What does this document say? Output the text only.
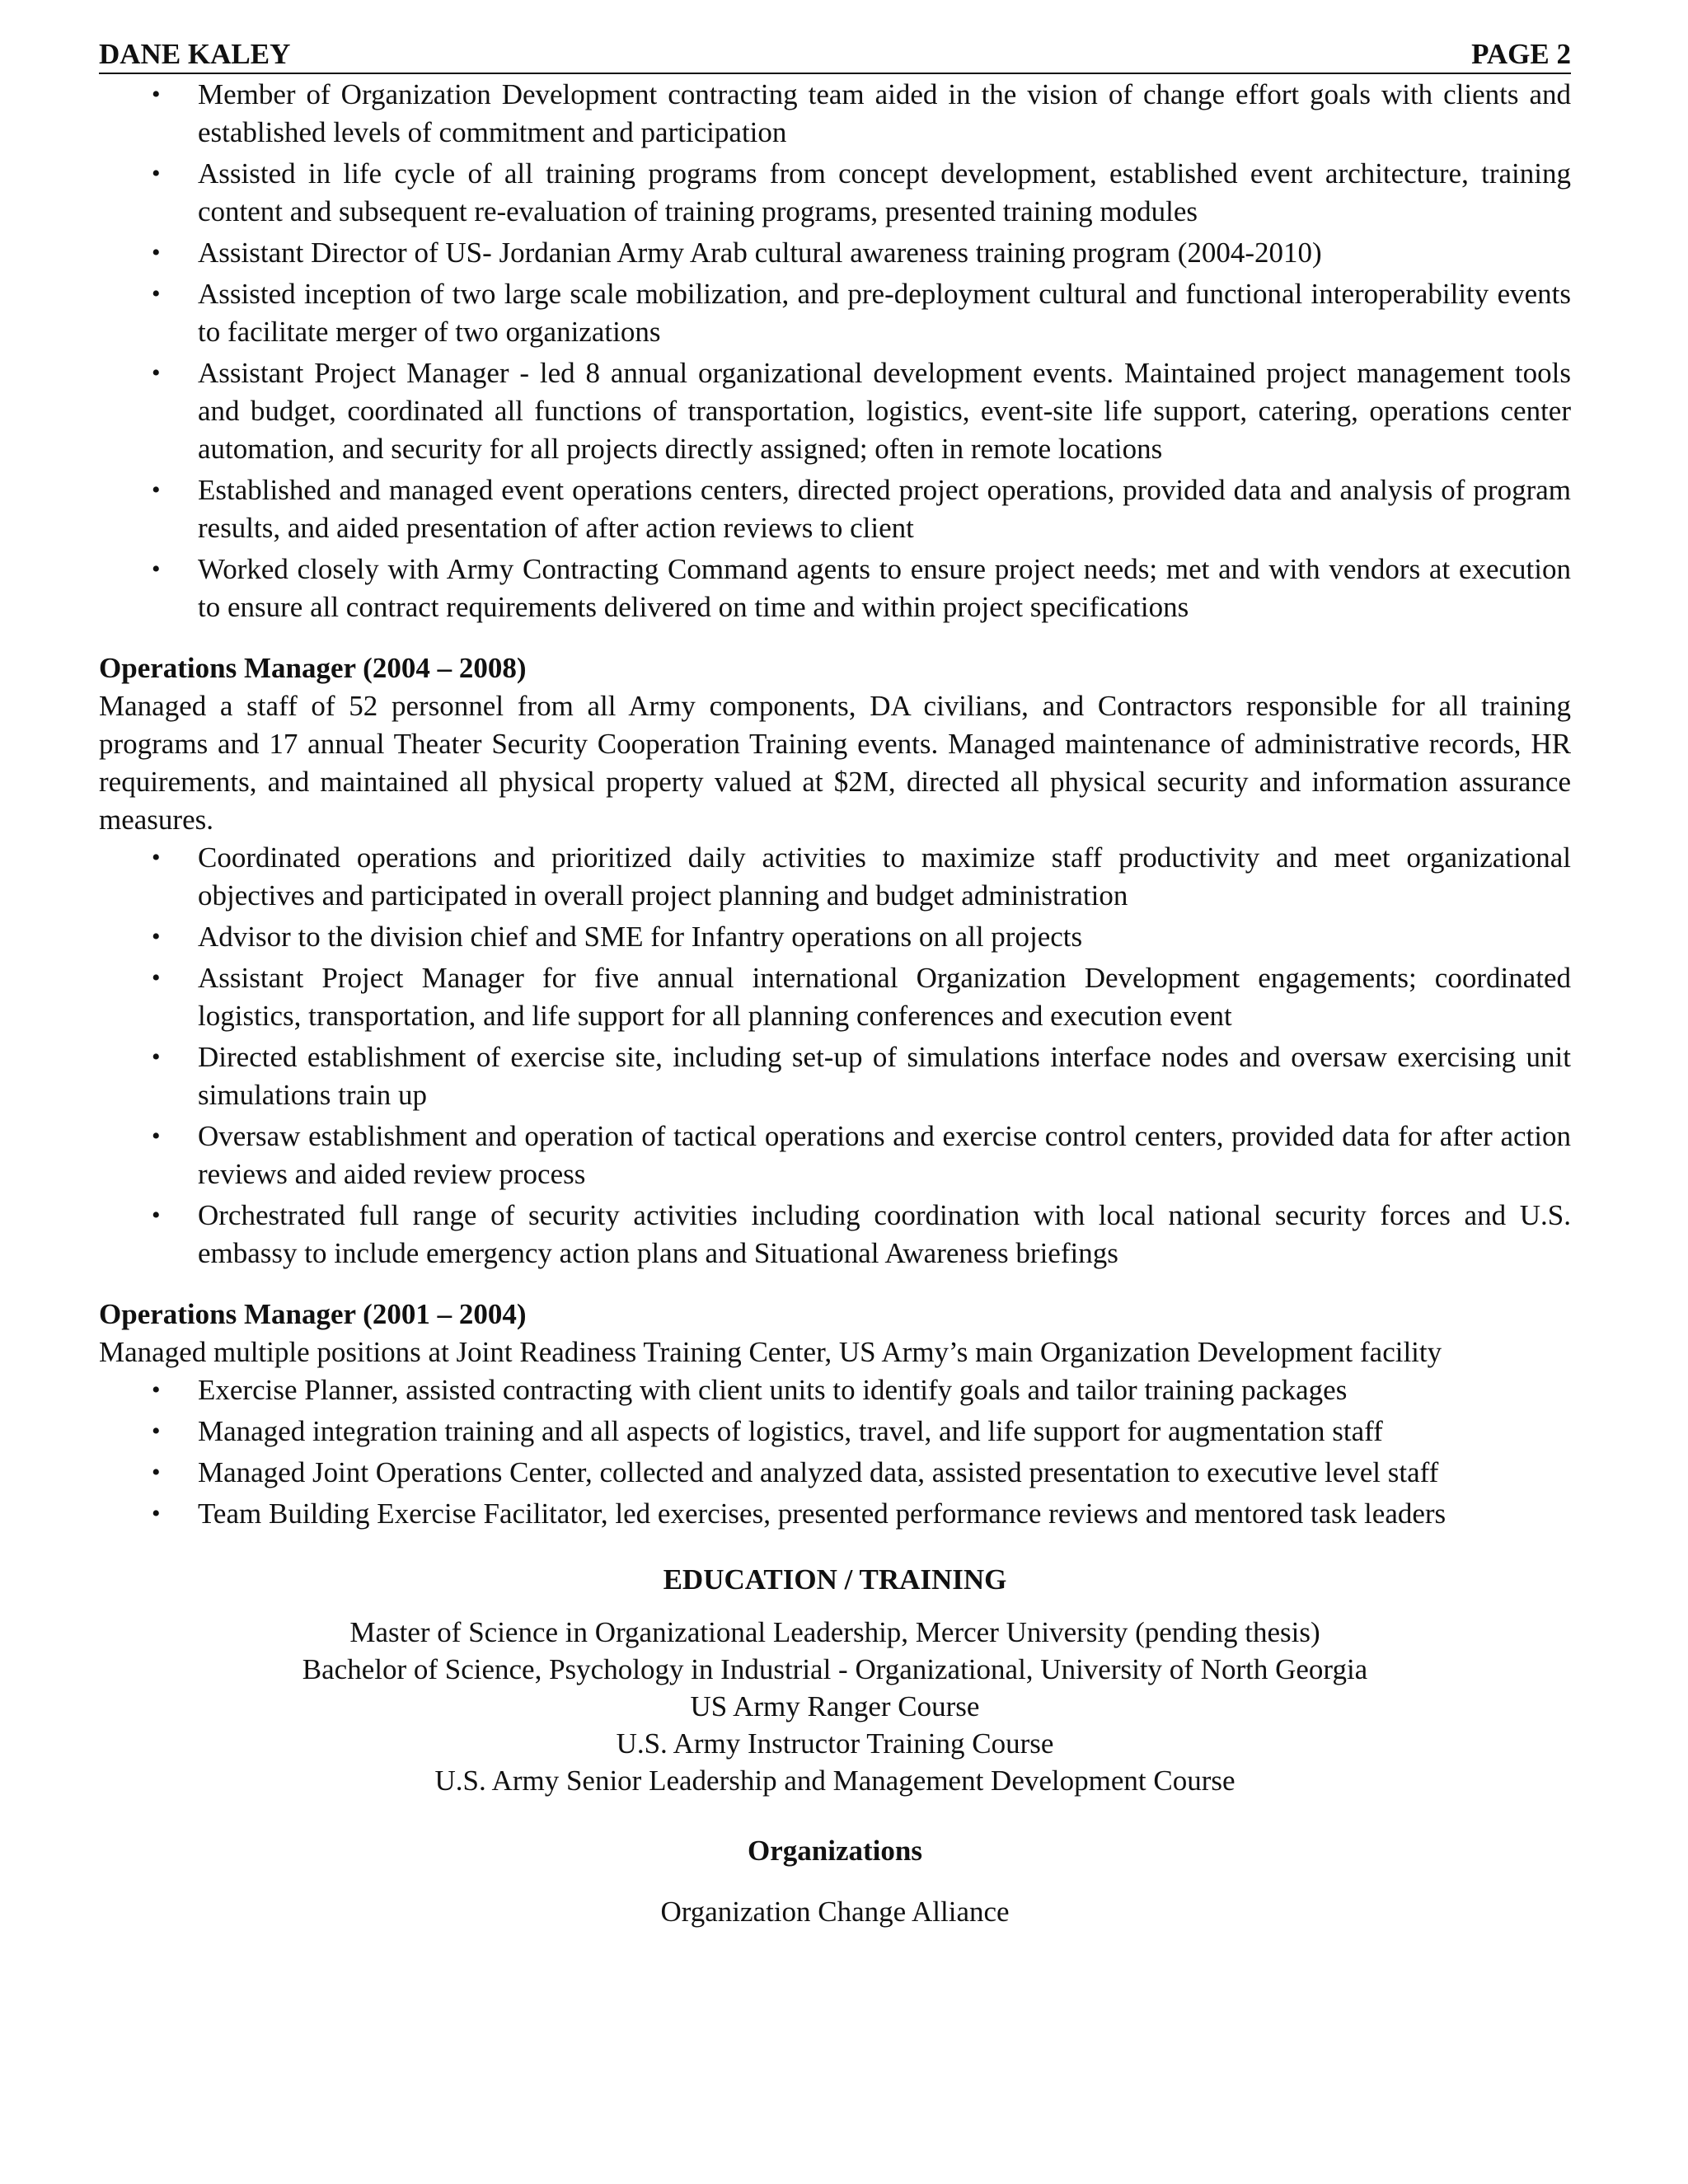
DANE KALEY	PAGE 2
• Member of Organization Development contracting team aided in the vision of change effort goals with clients and established levels of commitment and participation
• Assisted in life cycle of all training programs from concept development, established event architecture, training content and subsequent re-evaluation of training programs, presented training modules
• Assistant Director of US- Jordanian Army Arab cultural awareness training program (2004-2010)
• Assisted inception of two large scale mobilization, and pre-deployment cultural and functional interoperability events to facilitate merger of two organizations
• Assistant Project Manager - led 8 annual organizational development events. Maintained project management tools and budget, coordinated all functions of transportation, logistics, event-site life support, catering, operations center automation, and security for all projects directly assigned; often in remote locations
• Established and managed event operations centers, directed project operations, provided data and analysis of program results, and aided presentation of after action reviews to client
• Worked closely with Army Contracting Command agents to ensure project needs; met and with vendors at execution to ensure all contract requirements delivered on time and within project specifications
Operations Manager (2004 – 2008)
Managed a staff of 52 personnel from all Army components, DA civilians, and Contractors responsible for all training programs and 17 annual Theater Security Cooperation Training events. Managed maintenance of administrative records, HR requirements, and maintained all physical property valued at $2M, directed all physical security and information assurance measures.
• Coordinated operations and prioritized daily activities to maximize staff productivity and meet organizational objectives and participated in overall project planning and budget administration
• Advisor to the division chief and SME for Infantry operations on all projects
• Assistant Project Manager for five annual international Organization Development engagements; coordinated logistics, transportation, and life support for all planning conferences and execution event
• Directed establishment of exercise site, including set-up of simulations interface nodes and oversaw exercising unit simulations train up
• Oversaw establishment and operation of tactical operations and exercise control centers, provided data for after action reviews and aided review process
• Orchestrated full range of security activities including coordination with local national security forces and U.S. embassy to include emergency action plans and Situational Awareness briefings
Operations Manager (2001 – 2004)
Managed multiple positions at Joint Readiness Training Center, US Army’s main Organization Development facility
• Exercise Planner, assisted contracting with client units to identify goals and tailor training packages
• Managed integration training and all aspects of logistics, travel, and life support for augmentation staff
• Managed Joint Operations Center, collected and analyzed data, assisted presentation to executive level staff
• Team Building Exercise Facilitator, led exercises, presented performance reviews and mentored task leaders
EDUCATION / TRAINING
Master of Science in Organizational Leadership, Mercer University (pending thesis)
Bachelor of Science, Psychology in Industrial - Organizational, University of North Georgia
US Army Ranger Course
U.S. Army Instructor Training Course
U.S. Army Senior Leadership and Management Development Course
Organizations
Organization Change Alliance
